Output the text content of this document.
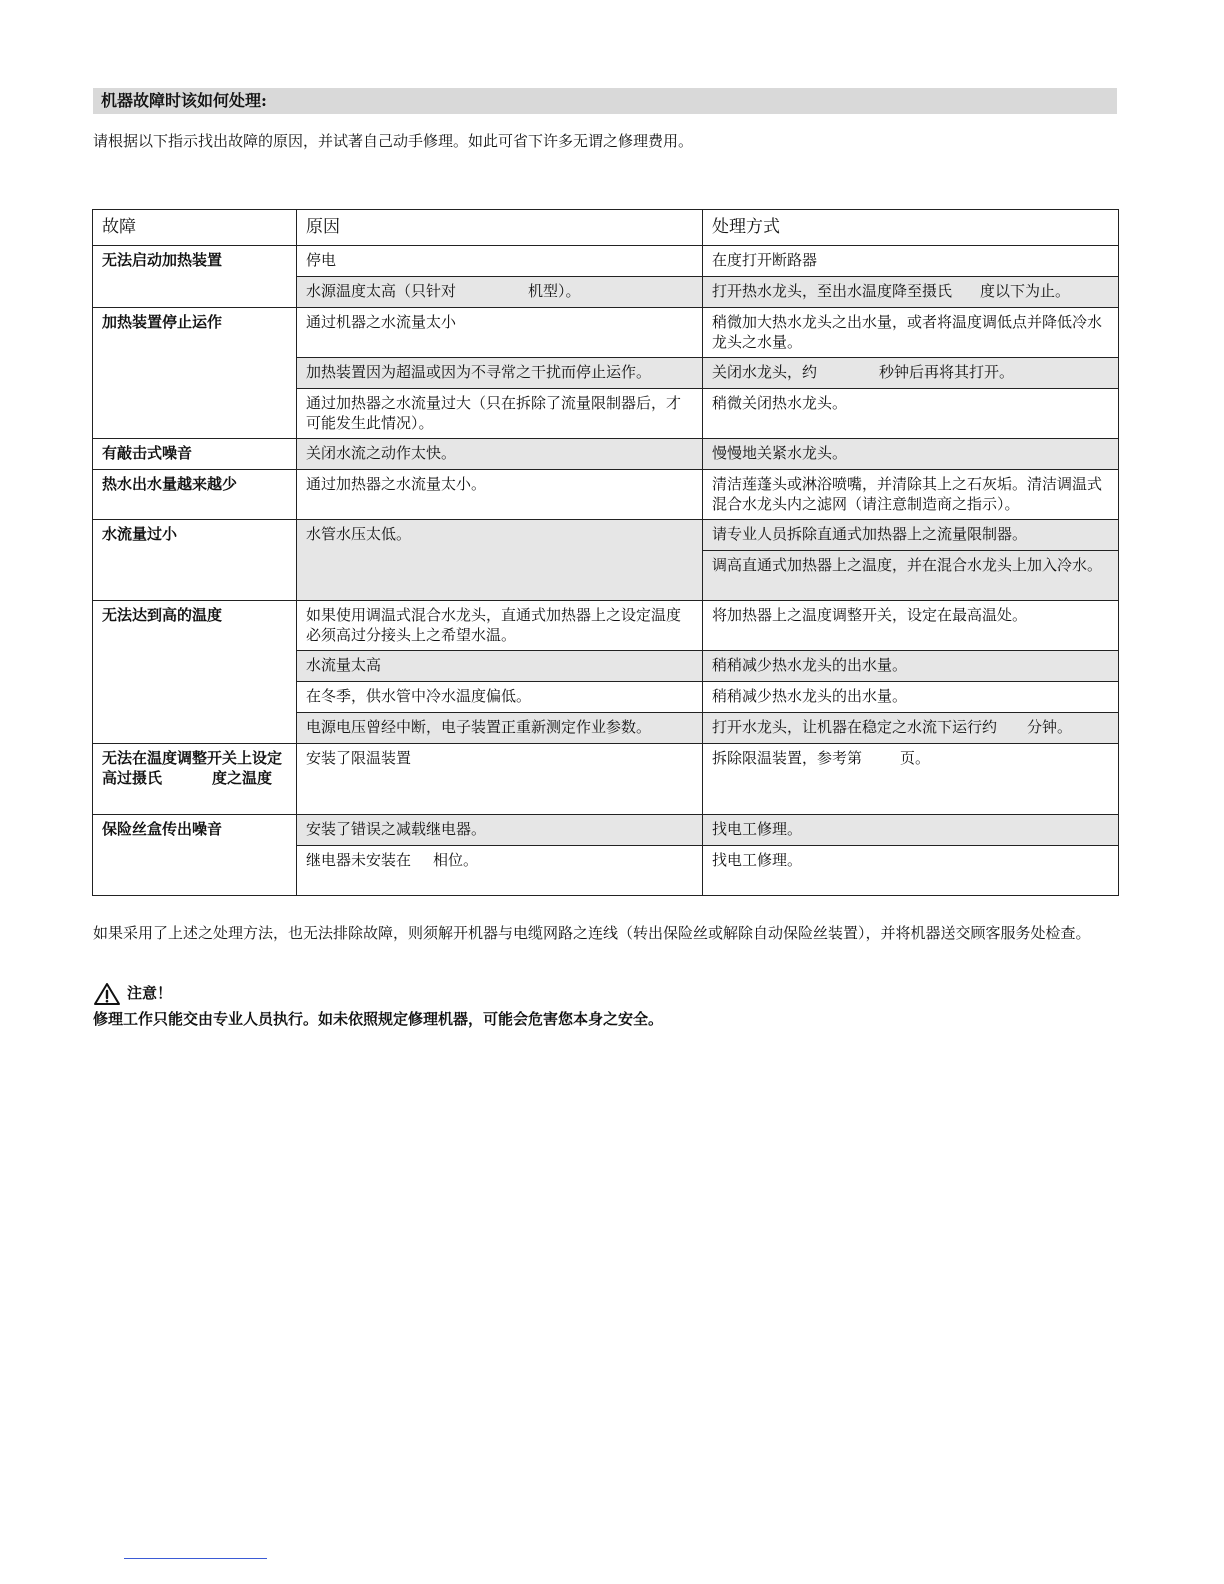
机器故障时该如何处理:
请根据以下指示找出故障的原因，并试著自己动手修理。如此可省下许多无谓之修理费用。
故障	原因	处理方式
无法启动加热装置	停电	在度打开断路器
	水源温度太高（只针对 机型）。	打开热水龙头，至出水温度降至摄氏 度以下为止。
加热装置停止运作	通过机器之水流量太小	稍微加大热水龙头之出水量，或者将温度调低点并降低冷水龙头之水量。
	加热装置因为超温或因为不寻常之干扰而停止运作。	关闭水龙头，约 秒钟后再将其打开。
	通过加热器之水流量过大（只在拆除了流量限制器后，才可能发生此情况）。	稍微关闭热水龙头。
有敲击式噪音	关闭水流之动作太快。	慢慢地关紧水龙头。
热水出水量越来越少	通过加热器之水流量太小。	清洁莲蓬头或淋浴喷嘴，并清除其上之石灰垢。清洁调温式混合水龙头内之滤网（请注意制造商之指示）。
水流量过小	水管水压太低。	请专业人员拆除直通式加热器上之流量限制器。
		调高直通式加热器上之温度，并在混合水龙头上加入冷水。
无法达到高的温度	如果使用调温式混合水龙头，直通式加热器上之设定温度必须高过分接头上之希望水温。	将加热器上之温度调整开关，设定在最高温处。
	水流量太高	稍稍减少热水龙头的出水量。
	在冬季，供水管中冷水温度偏低。	稍稍减少热水龙头的出水量。
	电源电压曾经中断，电子装置正重新测定作业参数。	打开水龙头，让机器在稳定之水流下运行约 分钟。
无法在温度调整开关上设定高过摄氏 度之温度	安装了限温装置	拆除限温装置，参考第 页。
保险丝盒传出噪音	安装了错误之减载继电器。	找电工修理。
	继电器未安装在 相位。	找电工修理。
如果采用了上述之处理方法，也无法排除故障，则须解开机器与电缆网路之连线（转出保险丝或解除自动保险丝装置），并将机器送交顾客服务处检查。
注意！
修理工作只能交由专业人员执行。如未依照规定修理机器，可能会危害您本身之安全。
